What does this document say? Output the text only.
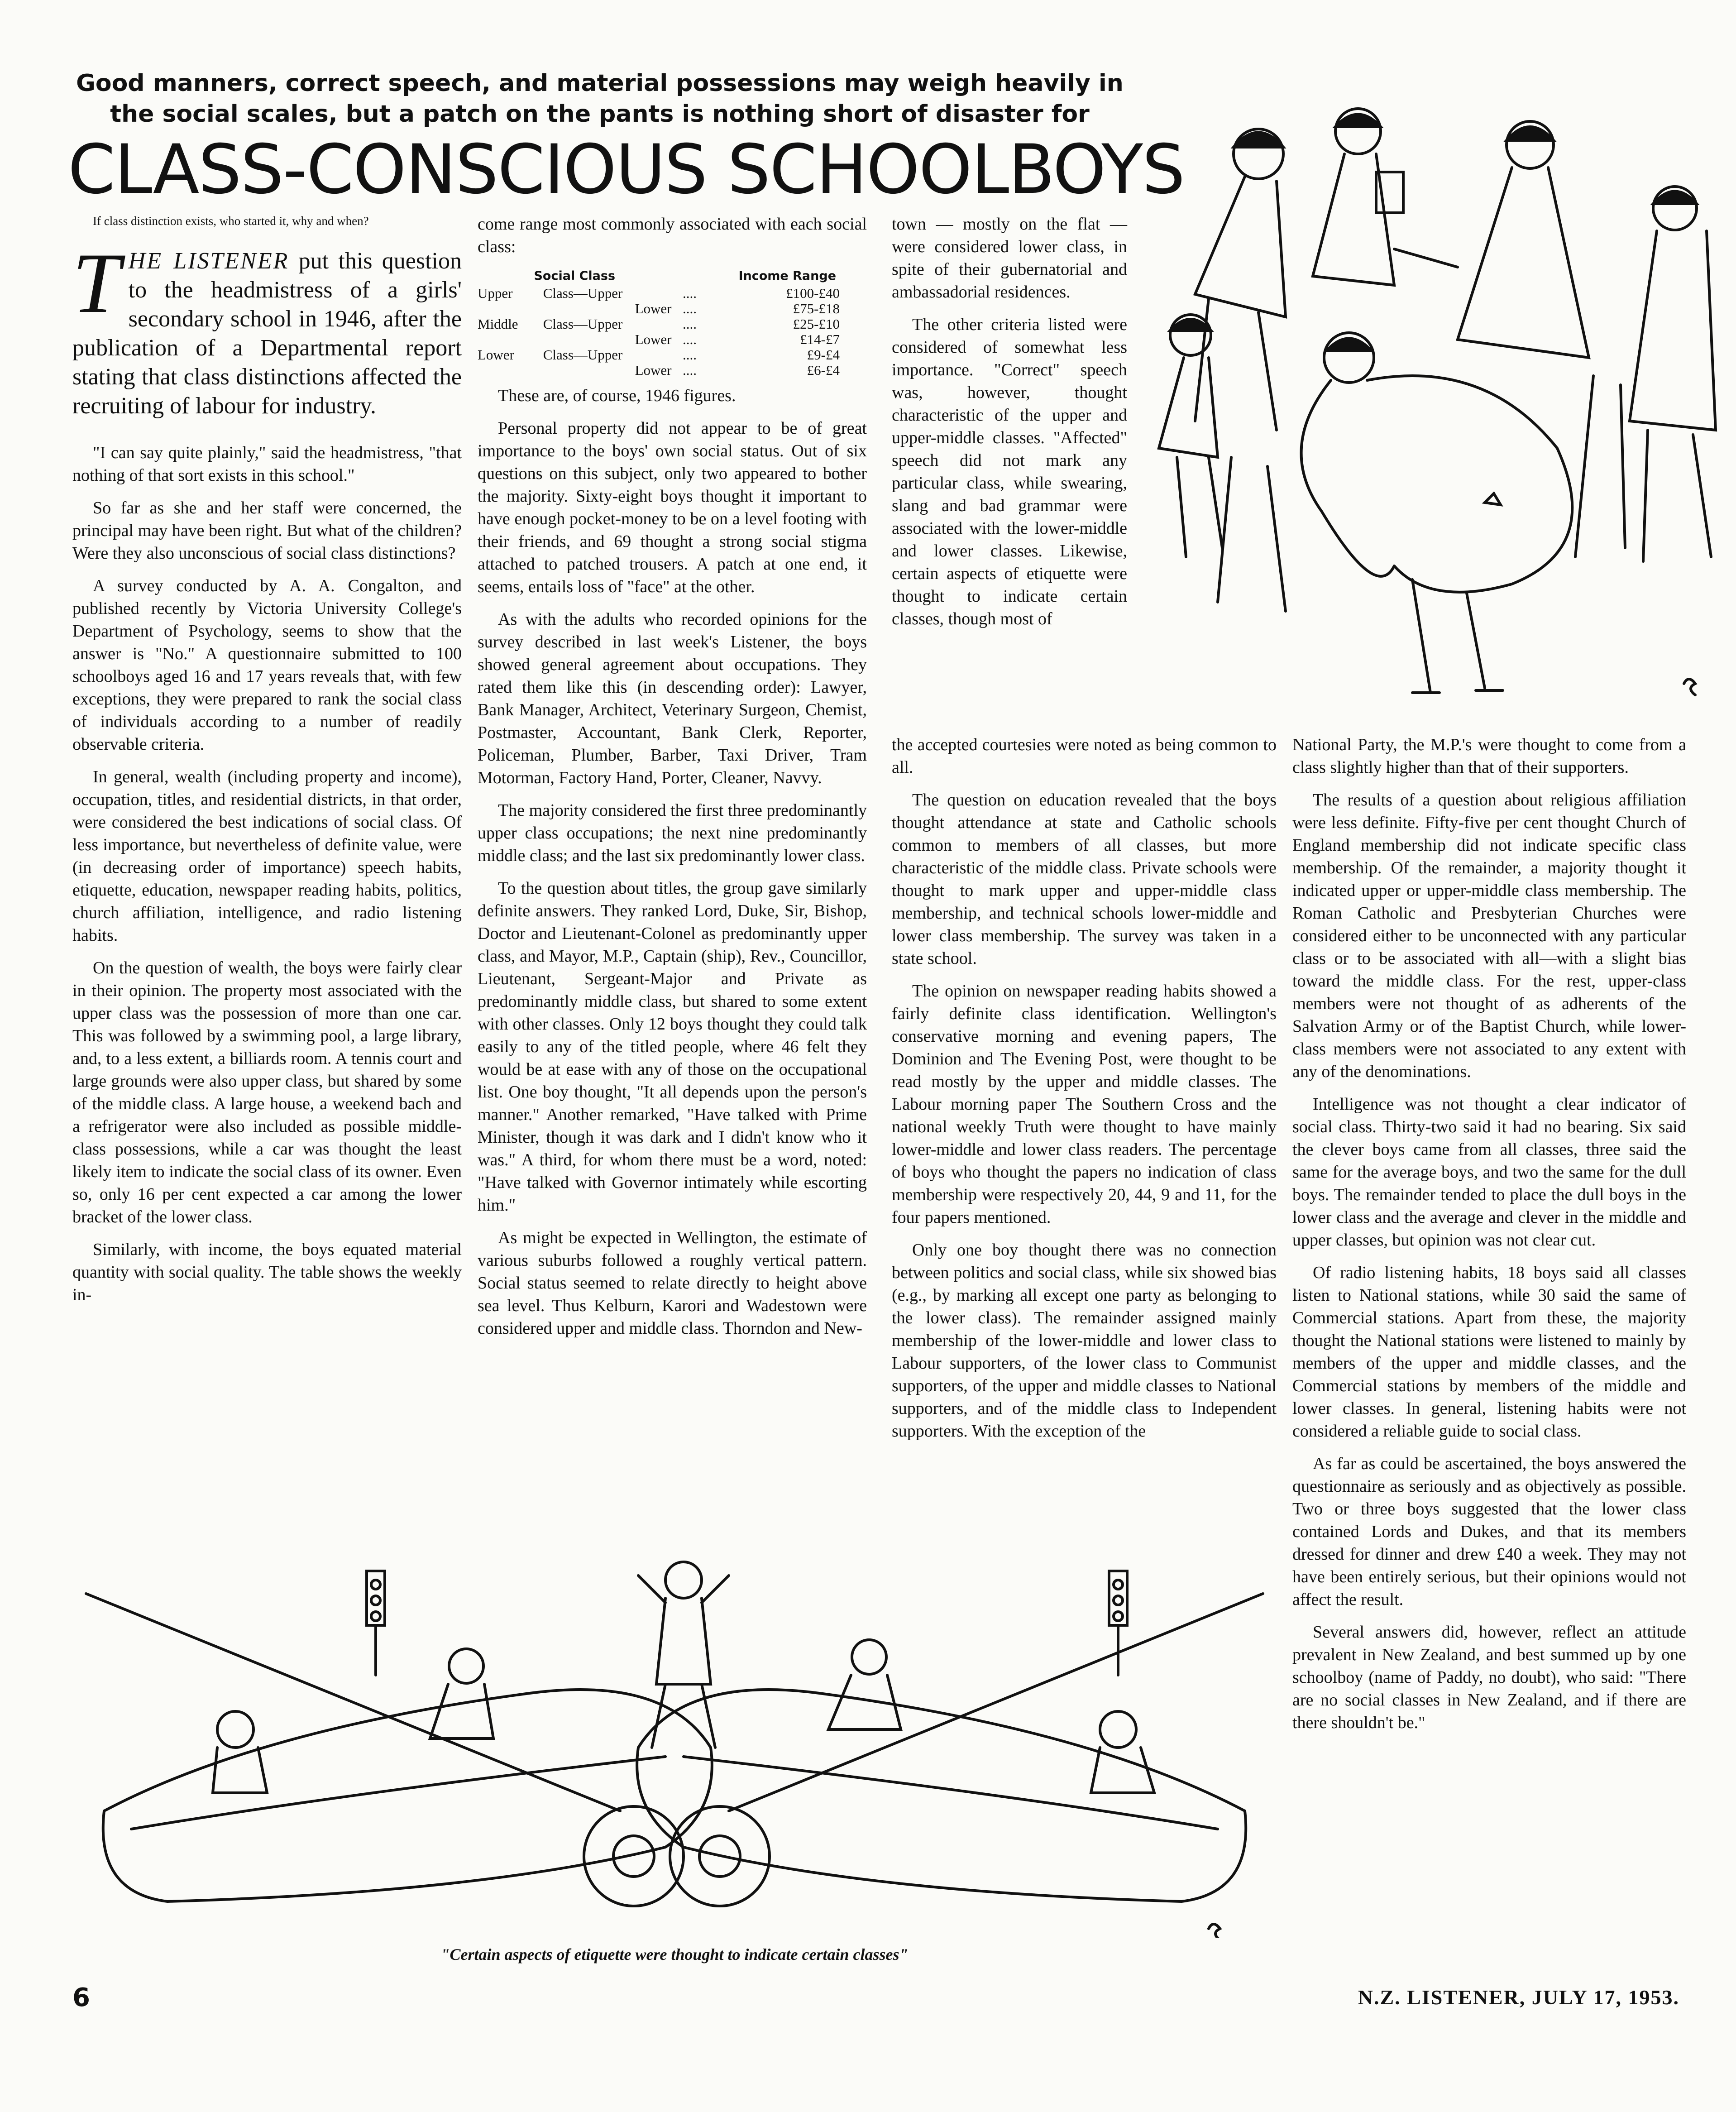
Good manners, correct speech, and material possessions may weigh heavily in the social scales, but a patch on the pants is nothing short of disaster for
CLASS-CONSCIOUS SCHOOLBOYS
If class distinction exists, who started it, why and when?
THE LISTENER put this question to the headmistress of a girls' secondary school in 1946, after the publication of a Departmental report stating that class distinctions affected the recruiting of labour for industry.

"I can say quite plainly," said the headmistress, "that nothing of that sort exists in this school."

So far as she and her staff were concerned, the principal may have been right. But what of the children? Were they also unconscious of social class distinctions?

A survey conducted by A. A. Congalton, and published recently by Victoria University College's Department of Psychology, seems to show that the answer is "No." A questionnaire submitted to 100 schoolboys aged 16 and 17 years reveals that, with few exceptions, they were prepared to rank the social class of individuals according to a number of readily observable criteria.

In general, wealth (including property and income), occupation, titles, and residential districts, in that order, were considered the best indications of social class. Of less importance, but nevertheless of definite value, were (in decreasing order of importance) speech habits, etiquette, education, newspaper reading habits, politics, church affiliation, intelligence, and radio listening habits.

On the question of wealth, the boys were fairly clear in their opinion. The property most associated with the upper class was the possession of more than one car. This was followed by a swimming pool, a large library, and, to a less extent, a billiards room. A tennis court and large grounds were also upper class, but shared by some of the middle class. A large house, a weekend bach and a refrigerator were also included as possible middle-class possessions, while a car was thought the least likely item to indicate the social class of its owner. Even so, only 16 per cent expected a car among the lower bracket of the lower class.

Similarly, with income, the boys equated material quantity with social quality. The table shows the weekly in-

come range most commonly associated with each social class:

Social Class			Income Range
Upper	Class—Upper	....	£100-£40
	Lower	....	£75-£18
Middle	Class—Upper	....	£25-£10
	Lower	....	£14-£7
Lower	Class—Upper	....	£9-£4
	Lower	....	£6-£4

These are, of course, 1946 figures.

Personal property did not appear to be of great importance to the boys' own social status. Out of six questions on this subject, only two appeared to bother the majority. Sixty-eight boys thought it important to have enough pocket-money to be on a level footing with their friends, and 69 thought a strong social stigma attached to patched trousers. A patch at one end, it seems, entails loss of "face" at the other.

As with the adults who recorded opinions for the survey described in last week's Listener, the boys showed general agreement about occupations. They rated them like this (in descending order): Lawyer, Bank Manager, Architect, Veterinary Surgeon, Chemist, Postmaster, Accountant, Bank Clerk, Reporter, Policeman, Plumber, Barber, Taxi Driver, Tram Motorman, Factory Hand, Porter, Cleaner, Navvy.

The majority considered the first three predominantly upper class occupations; the next nine predominantly middle class; and the last six predominantly lower class.

To the question about titles, the group gave similarly definite answers. They ranked Lord, Duke, Sir, Bishop, Doctor and Lieutenant-Colonel as predominantly upper class, and Mayor, M.P., Captain (ship), Rev., Councillor, Lieutenant, Sergeant-Major and Private as predominantly middle class, but shared to some extent with other classes. Only 12 boys thought they could talk easily to any of the titled people, where 46 felt they would be at ease with any of those on the occupational list. One boy thought, "It all depends upon the person's manner." Another remarked, "Have talked with Prime Minister, though it was dark and I didn't know who it was." A third, for whom there must be a word, noted: "Have talked with Governor intimately while escorting him."

As might be expected in Wellington, the estimate of various suburbs followed a roughly vertical pattern. Social status seemed to relate directly to height above sea level. Thus Kelburn, Karori and Wadestown were considered upper and middle class. Thorndon and New-

town — mostly on the flat — were considered lower class, in spite of their gubernatorial and ambassadorial residences.

The other criteria listed were considered of somewhat less importance. "Correct" speech was, however, thought characteristic of the upper and upper-middle classes. "Affected" speech did not mark any particular class, while swearing, slang and bad grammar were associated with the lower-middle and lower classes. Likewise, certain aspects of etiquette were thought to indicate certain classes, though most of

the accepted courtesies were noted as being common to all.

The question on education revealed that the boys thought attendance at state and Catholic schools common to members of all classes, but more characteristic of the middle class. Private schools were thought to mark upper and upper-middle class membership, and technical schools lower-middle and lower class membership. The survey was taken in a state school.

The opinion on newspaper reading habits showed a fairly definite class identification. Wellington's conservative morning and evening papers, The Dominion and The Evening Post, were thought to be read mostly by the upper and middle classes. The Labour morning paper The Southern Cross and the national weekly Truth were thought to have mainly lower-middle and lower class readers. The percentage of boys who thought the papers no indication of class membership were respectively 20, 44, 9 and 11, for the four papers mentioned.

Only one boy thought there was no connection between politics and social class, while six showed bias (e.g., by marking all except one party as belonging to the lower class). The remainder assigned mainly membership of the lower-middle and lower class to Labour supporters, of the lower class to Communist supporters, of the upper and middle classes to National supporters, and of the middle class to Independent supporters. With the exception of the

National Party, the M.P.'s were thought to come from a class slightly higher than that of their supporters.

The results of a question about religious affiliation were less definite. Fifty-five per cent thought Church of England membership did not indicate specific class membership. Of the remainder, a majority thought it indicated upper or upper-middle class membership. The Roman Catholic and Presbyterian Churches were considered either to be unconnected with any particular class or to be associated with all—with a slight bias toward the middle class. For the rest, upper-class members were not thought of as adherents of the Salvation Army or of the Baptist Church, while lower-class members were not associated to any extent with any of the denominations.

Intelligence was not thought a clear indicator of social class. Thirty-two said it had no bearing. Six said the clever boys came from all classes, three said the same for the average boys, and two the same for the dull boys. The remainder tended to place the dull boys in the lower class and the average and clever in the middle and upper classes, but opinion was not clear cut.

Of radio listening habits, 18 boys said all classes listen to National stations, while 30 said the same of Commercial stations. Apart from these, the majority thought the National stations were listened to mainly by members of the upper and middle classes, and the Commercial stations by members of the middle and lower classes. In general, listening habits were not considered a reliable guide to social class.

As far as could be ascertained, the boys answered the questionnaire as seriously and as objectively as possible. Two or three boys suggested that the lower class contained Lords and Dukes, and that its members dressed for dinner and drew £40 a week. They may not have been entirely serious, but their opinions would not affect the result.

Several answers did, however, reflect an attitude prevalent in New Zealand, and best summed up by one schoolboy (name of Paddy, no doubt), who said: "There are no social classes in New Zealand, and if there are there shouldn't be."

"Certain aspects of etiquette were thought to indicate certain classes"
6	N.Z. LISTENER, JULY 17, 1953.
